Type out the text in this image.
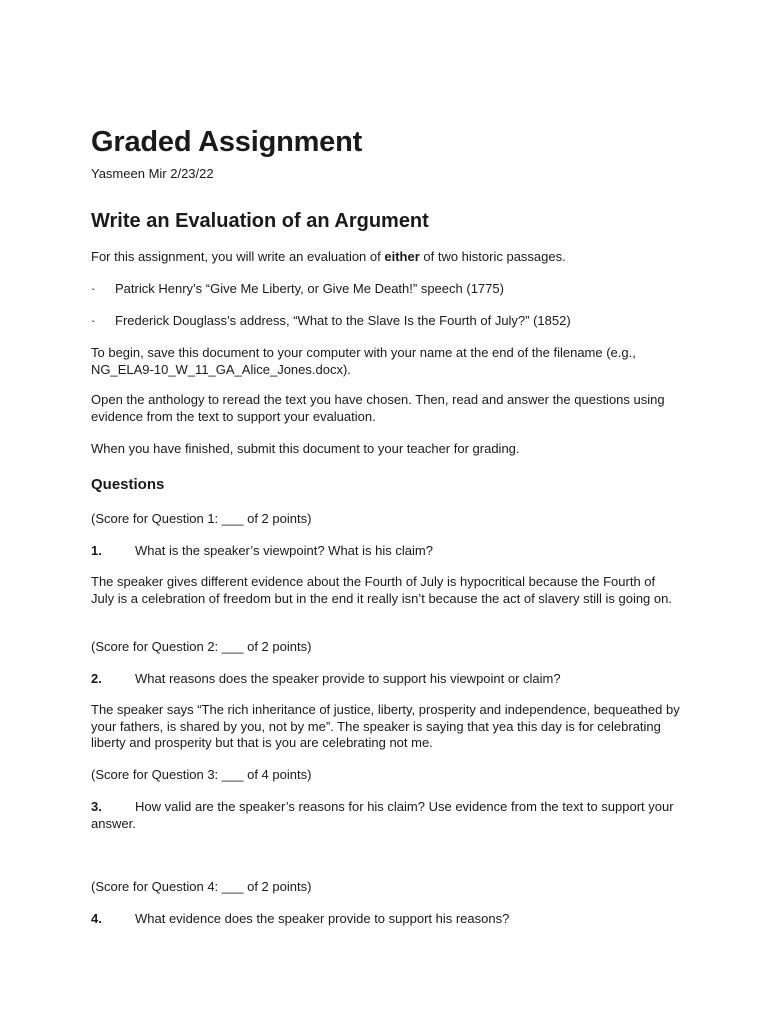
Graded Assignment
Yasmeen Mir 2/23/22
Write an Evaluation of an Argument

For this assignment, you will write an evaluation of either of two historic passages.

· Patrick Henry’s “Give Me Liberty, or Give Me Death!” speech (1775)

· Frederick Douglass’s address, “What to the Slave Is the Fourth of July?” (1852)

To begin, save this document to your computer with your name at the end of the filename (e.g., NG_ELA9-10_W_11_GA_Alice_Jones.docx).

Open the anthology to reread the text you have chosen. Then, read and answer the questions using evidence from the text to support your evaluation.

When you have finished, submit this document to your teacher for grading.

Questions

(Score for Question 1: ___ of 2 points)

1.	What is the speaker’s viewpoint? What is his claim?

The speaker gives different evidence about the Fourth of July is hypocritical because the Fourth of July is a celebration of freedom but in the end it really isn’t because the act of slavery still is going on.

(Score for Question 2: ___ of 2 points)

2.	What reasons does the speaker provide to support his viewpoint or claim?

The speaker says “The rich inheritance of justice, liberty, prosperity and independence, bequeathed by your fathers, is shared by you, not by me”. The speaker is saying that yea this day is for celebrating liberty and prosperity but that is you are celebrating not me.

(Score for Question 3: ___ of 4 points)

3.	How valid are the speaker’s reasons for his claim? Use evidence from the text to support your answer.

(Score for Question 4: ___ of 2 points)

4.	What evidence does the speaker provide to support his reasons?
